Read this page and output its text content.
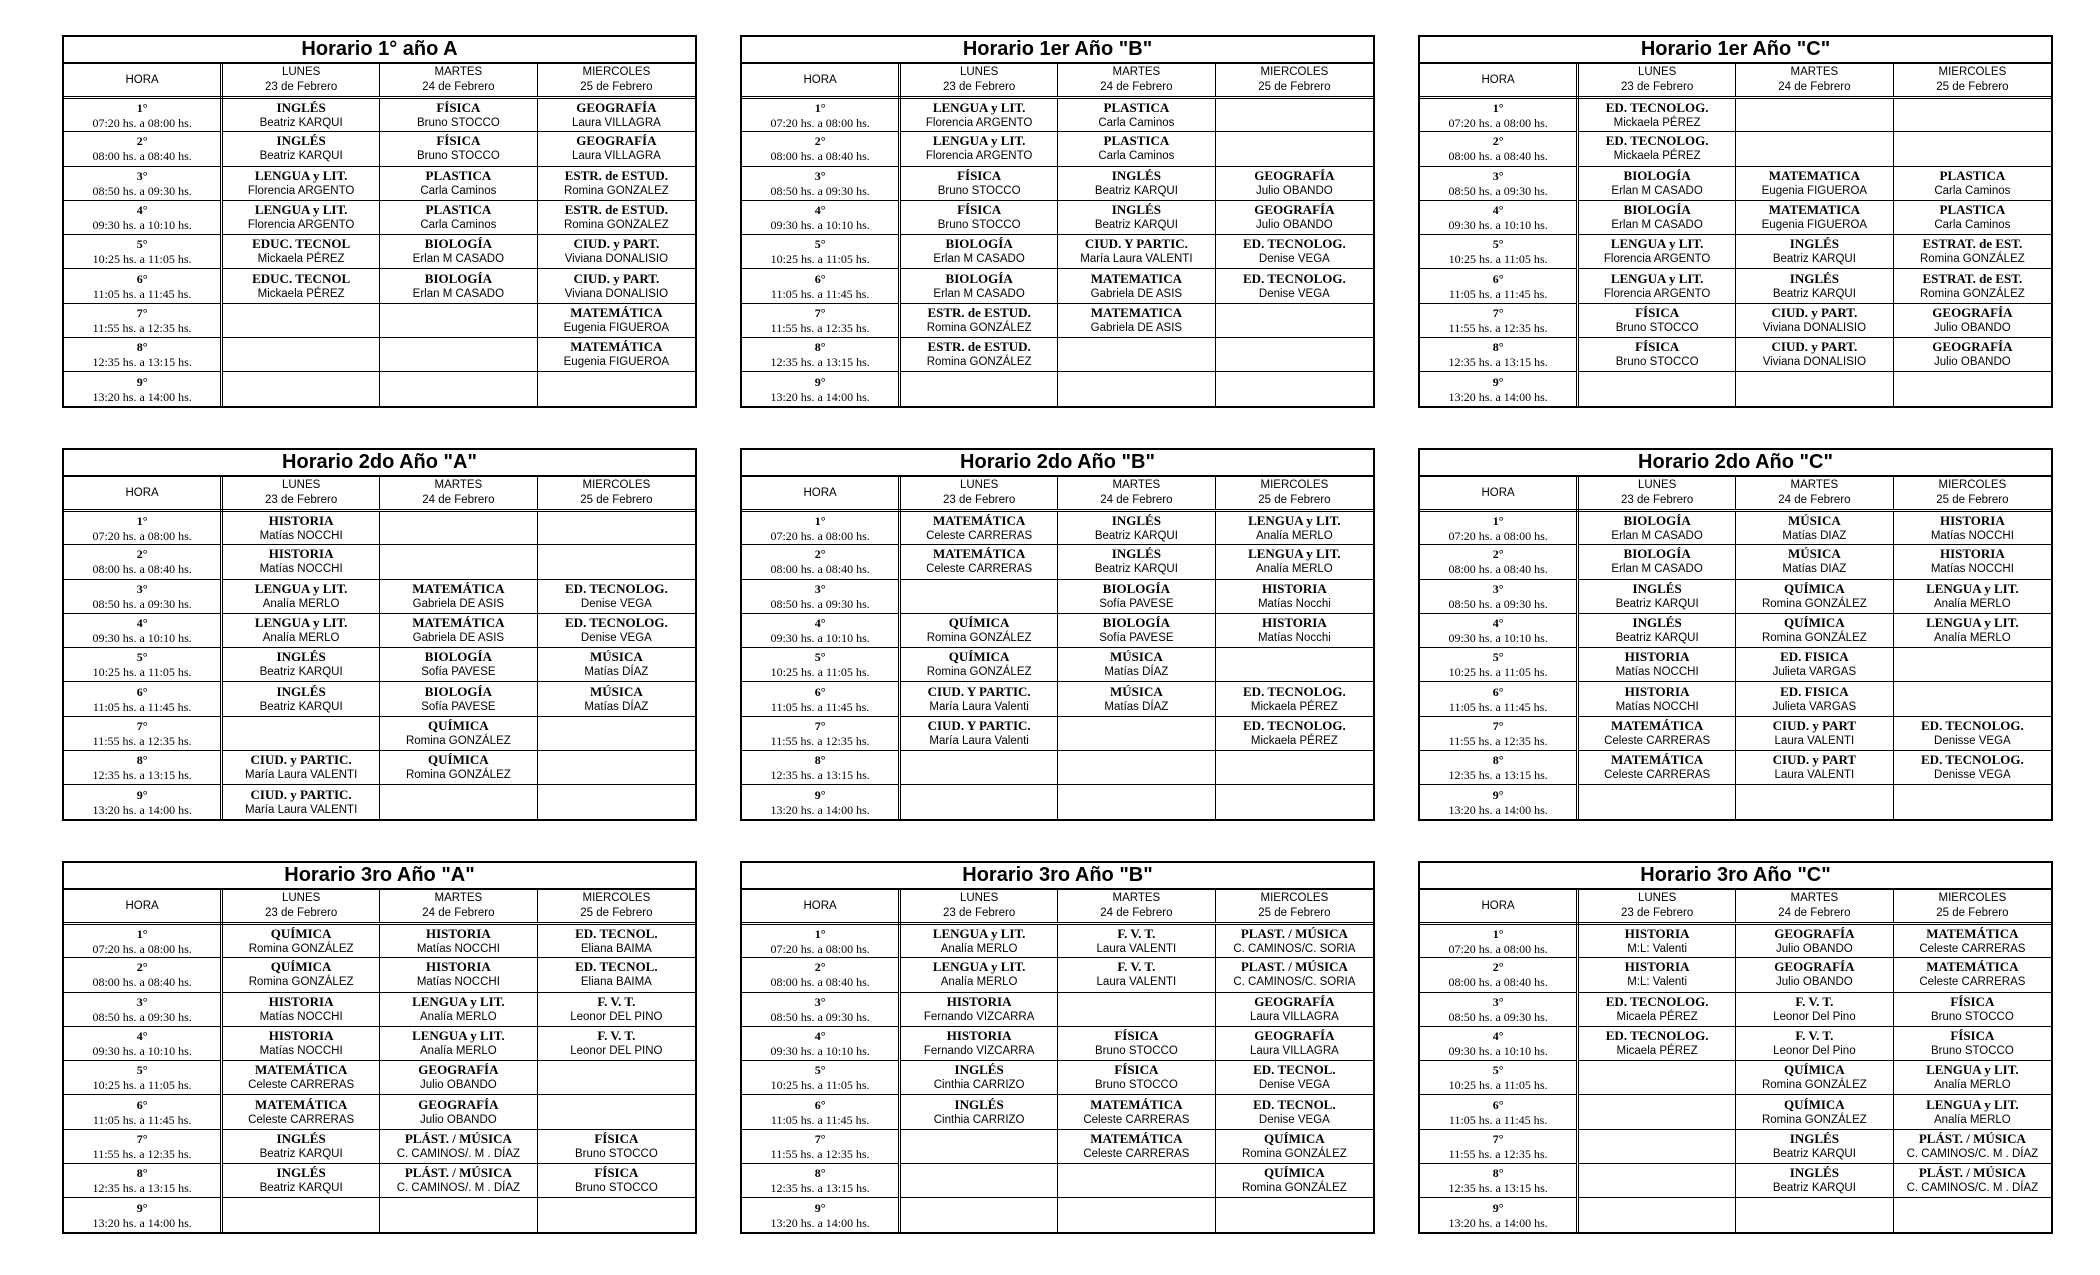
Horario 1° año A
HORA	LUNES
23 de Febrero	MARTES
24 de Febrero	MIERCOLES
25 de Febrero

1°
07:20 hs. a 08:00 hs.	INGLÉS
Beatriz KARQUI	FÍSICA
Bruno STOCCO	GEOGRAFÍA
Laura VILLAGRA

2°
08:00 hs. a 08:40 hs.	INGLÉS
Beatriz KARQUI	FÍSICA
Bruno STOCCO	GEOGRAFÍA
Laura VILLAGRA

3°
08:50 hs. a 09:30 hs.	LENGUA y LIT.
Florencia ARGENTO	PLASTICA
Carla Caminos	ESTR. de ESTUD.
Romina GONZALEZ

4°
09:30 hs. a 10:10 hs.	LENGUA y LIT.
Florencia ARGENTO	PLASTICA
Carla Caminos	ESTR. de ESTUD.
Romina GONZALEZ

5°
10:25 hs. a 11:05 hs.	EDUC. TECNOL
Mickaela PÉREZ	BIOLOGÍA
Erlan M CASADO	CIUD. y PART.
Viviana DONALISIO

6°
11:05 hs. a 11:45 hs.	EDUC. TECNOL
Mickaela PÉREZ	BIOLOGÍA
Erlan M CASADO	CIUD. y PART.
Viviana DONALISIO

7°
11:55 hs. a 12:35 hs.			MATEMÁTICA
Eugenia FIGUEROA

8°
12:35 hs. a 13:15 hs.			MATEMÁTICA
Eugenia FIGUEROA

9°
13:20 hs. a 14:00 hs.			

Horario 1er Año "B"
HORA	LUNES
23 de Febrero	MARTES
24 de Febrero	MIERCOLES
25 de Febrero

1°
07:20 hs. a 08:00 hs.	LENGUA y LIT.
Florencia ARGENTO	PLASTICA
Carla Caminos	

2°
08:00 hs. a 08:40 hs.	LENGUA y LIT.
Florencia ARGENTO	PLASTICA
Carla Caminos	

3°
08:50 hs. a 09:30 hs.	FÍSICA
Bruno STOCCO	INGLÉS
Beatriz KARQUI	GEOGRAFÍA
Julio OBANDO

4°
09:30 hs. a 10:10 hs.	FÍSICA
Bruno STOCCO	INGLÉS
Beatriz KARQUI	GEOGRAFÍA
Julio OBANDO

5°
10:25 hs. a 11:05 hs.	BIOLOGÍA
Erlan M CASADO	CIUD. Y PARTIC.
María Laura VALENTI	ED. TECNOLOG.
Denise VEGA

6°
11:05 hs. a 11:45 hs.	BIOLOGÍA
Erlan M CASADO	MATEMATICA
Gabriela DE ASIS	ED. TECNOLOG.
Denise VEGA

7°
11:55 hs. a 12:35 hs.	ESTR. de ESTUD.
Romina GONZÁLEZ	MATEMATICA
Gabriela DE ASIS	

8°
12:35 hs. a 13:15 hs.	ESTR. de ESTUD.
Romina GONZÁLEZ		

9°
13:20 hs. a 14:00 hs.			

Horario 1er Año "C"
HORA	LUNES
23 de Febrero	MARTES
24 de Febrero	MIERCOLES
25 de Febrero

1°
07:20 hs. a 08:00 hs.	ED. TECNOLOG.
Mickaela PÉREZ		

2°
08:00 hs. a 08:40 hs.	ED. TECNOLOG.
Mickaela PÉREZ		

3°
08:50 hs. a 09:30 hs.	BIOLOGÍA
Erlan M CASADO	MATEMATICA
Eugenia FIGUEROA	PLASTICA
Carla Caminos

4°
09:30 hs. a 10:10 hs.	BIOLOGÍA
Erlan M CASADO	MATEMATICA
Eugenia FIGUEROA	PLASTICA
Carla Caminos

5°
10:25 hs. a 11:05 hs.	LENGUA y LIT.
Florencia ARGENTO	INGLÉS
Beatriz KARQUI	ESTRAT. de EST.
Romina GONZÁLEZ

6°
11:05 hs. a 11:45 hs.	LENGUA y LIT.
Florencia ARGENTO	INGLÉS
Beatriz KARQUI	ESTRAT. de EST.
Romina GONZÁLEZ

7°
11:55 hs. a 12:35 hs.	FÍSICA
Bruno STOCCO	CIUD. y PART.
Viviana DONALISIO	GEOGRAFÍA
Julio OBANDO

8°
12:35 hs. a 13:15 hs.	FÍSICA
Bruno STOCCO	CIUD. y PART.
Viviana DONALISIO	GEOGRAFÍA
Julio OBANDO

9°
13:20 hs. a 14:00 hs.			

Horario 2do Año "A"
HORA	LUNES
23 de Febrero	MARTES
24 de Febrero	MIERCOLES
25 de Febrero

1°
07:20 hs. a 08:00 hs.	HISTORIA
Matías NOCCHI		

2°
08:00 hs. a 08:40 hs.	HISTORIA
Matías NOCCHI		

3°
08:50 hs. a 09:30 hs.	LENGUA y LIT.
Analía MERLO	MATEMÁTICA
Gabriela DE ASIS	ED. TECNOLOG.
Denise VEGA

4°
09:30 hs. a 10:10 hs.	LENGUA y LIT.
Analía MERLO	MATEMÁTICA
Gabriela DE ASIS	ED. TECNOLOG.
Denise VEGA

5°
10:25 hs. a 11:05 hs.	INGLÉS
Beatriz KARQUI	BIOLOGÍA
Sofía PAVESE	MÚSICA
Matías DÍAZ

6°
11:05 hs. a 11:45 hs.	INGLÉS
Beatriz KARQUI	BIOLOGÍA
Sofía PAVESE	MÚSICA
Matías DÍAZ

7°
11:55 hs. a 12:35 hs.		QUÍMICA
Romina GONZÁLEZ	

8°
12:35 hs. a 13:15 hs.	CIUD. y PARTIC.
María Laura VALENTI	QUÍMICA
Romina GONZÁLEZ	

9°
13:20 hs. a 14:00 hs.	CIUD. y PARTIC.
María Laura VALENTI		

Horario 2do Año "B"
HORA	LUNES
23 de Febrero	MARTES
24 de Febrero	MIERCOLES
25 de Febrero

1°
07:20 hs. a 08:00 hs.	MATEMÁTICA
Celeste CARRERAS	INGLÉS
Beatriz KARQUI	LENGUA y LIT.
Analía MERLO

2°
08:00 hs. a 08:40 hs.	MATEMÁTICA
Celeste CARRERAS	INGLÉS
Beatriz KARQUI	LENGUA y LIT.
Analía MERLO

3°
08:50 hs. a 09:30 hs.		BIOLOGÍA
Sofía PAVESE	HISTORIA
Matías Nocchi

4°
09:30 hs. a 10:10 hs.	QUÍMICA
Romina GONZÁLEZ	BIOLOGÍA
Sofía PAVESE	HISTORIA
Matías Nocchi

5°
10:25 hs. a 11:05 hs.	QUÍMICA
Romina GONZÁLEZ	MÚSICA
Matías DÍAZ	

6°
11:05 hs. a 11:45 hs.	CIUD. Y PARTIC.
María Laura Valenti	MÚSICA
Matías DÍAZ	ED. TECNOLOG.
Mickaela PÉREZ

7°
11:55 hs. a 12:35 hs.	CIUD. Y PARTIC.
María Laura Valenti		ED. TECNOLOG.
Mickaela PÉREZ

8°
12:35 hs. a 13:15 hs.			

9°
13:20 hs. a 14:00 hs.			

Horario 2do Año "C"
HORA	LUNES
23 de Febrero	MARTES
24 de Febrero	MIERCOLES
25 de Febrero

1°
07:20 hs. a 08:00 hs.	BIOLOGÍA
Erlan M CASADO	MÚSICA
Matías DIAZ	HISTORIA
Matías NOCCHI

2°
08:00 hs. a 08:40 hs.	BIOLOGÍA
Erlan M CASADO	MÚSICA
Matías DIAZ	HISTORIA
Matías NOCCHI

3°
08:50 hs. a 09:30 hs.	INGLÉS
Beatriz KARQUI	QUÍMICA
Romina GONZÁLEZ	LENGUA y LIT.
Analía MERLO

4°
09:30 hs. a 10:10 hs.	INGLÉS
Beatriz KARQUI	QUÍMICA
Romina GONZÁLEZ	LENGUA y LIT.
Analía MERLO

5°
10:25 hs. a 11:05 hs.	HISTORIA
Matías NOCCHI	ED. FISICA
Julieta VARGAS	

6°
11:05 hs. a 11:45 hs.	HISTORIA
Matías NOCCHI	ED. FISICA
Julieta VARGAS	

7°
11:55 hs. a 12:35 hs.	MATEMÁTICA
Celeste CARRERAS	CIUD. y PART
Laura VALENTI	ED. TECNOLOG.
Denisse VEGA

8°
12:35 hs. a 13:15 hs.	MATEMÁTICA
Celeste CARRERAS	CIUD. y PART
Laura VALENTI	ED. TECNOLOG.
Denisse VEGA

9°
13:20 hs. a 14:00 hs.			

Horario 3ro Año "A"
HORA	LUNES
23 de Febrero	MARTES
24 de Febrero	MIERCOLES
25 de Febrero

1°
07:20 hs. a 08:00 hs.	QUÍMICA
Romina GONZÁLEZ	HISTORIA
Matías NOCCHI	ED. TECNOL.
Eliana BAIMA

2°
08:00 hs. a 08:40 hs.	QUÍMICA
Romina GONZÁLEZ	HISTORIA
Matías NOCCHI	ED. TECNOL.
Eliana BAIMA

3°
08:50 hs. a 09:30 hs.	HISTORIA
Matías NOCCHI	LENGUA y LIT.
Analía MERLO	F. V. T.
Leonor DEL PINO

4°
09:30 hs. a 10:10 hs.	HISTORIA
Matías NOCCHI	LENGUA y LIT.
Analía MERLO	F. V. T.
Leonor DEL PINO

5°
10:25 hs. a 11:05 hs.	MATEMÁTICA
Celeste CARRERAS	GEOGRAFÍA
Julio OBANDO	

6°
11:05 hs. a 11:45 hs.	MATEMÁTICA
Celeste CARRERAS	GEOGRAFÍA
Julio OBANDO	

7°
11:55 hs. a 12:35 hs.	INGLÉS
Beatriz KARQUI	PLÁST. / MÚSICA
C. CAMINOS/. M . DÍAZ	FÍSICA
Bruno STOCCO

8°
12:35 hs. a 13:15 hs.	INGLÉS
Beatriz KARQUI	PLÁST. / MÚSICA
C. CAMINOS/. M . DÍAZ	FÍSICA
Bruno STOCCO

9°
13:20 hs. a 14:00 hs.			

Horario 3ro Año "B"
HORA	LUNES
23 de Febrero	MARTES
24 de Febrero	MIERCOLES
25 de Febrero

1°
07:20 hs. a 08:00 hs.	LENGUA y LIT.
Analía MERLO	F. V. T.
Laura VALENTI	PLAST. / MÚSICA
C. CAMINOS/C. SORIA

2°
08:00 hs. a 08:40 hs.	LENGUA y LIT.
Analía MERLO	F. V. T.
Laura VALENTI	PLAST. / MÚSICA
C. CAMINOS/C. SORIA

3°
08:50 hs. a 09:30 hs.	HISTORIA
Fernando VIZCARRA		GEOGRAFÍA
Laura VILLAGRA

4°
09:30 hs. a 10:10 hs.	HISTORIA
Fernando VIZCARRA	FÍSICA
Bruno STOCCO	GEOGRAFÍA
Laura VILLAGRA

5°
10:25 hs. a 11:05 hs.	INGLÉS
Cinthia CARRIZO	FÍSICA
Bruno STOCCO	ED. TECNOL.
Denise VEGA

6°
11:05 hs. a 11:45 hs.	INGLÉS
Cinthia CARRIZO	MATEMÁTICA
Celeste CARRERAS	ED. TECNOL.
Denise VEGA

7°
11:55 hs. a 12:35 hs.		MATEMÁTICA
Celeste CARRERAS	QUÍMICA
Romina GONZÁLEZ

8°
12:35 hs. a 13:15 hs.			QUÍMICA
Romina GONZÁLEZ

9°
13:20 hs. a 14:00 hs.			

Horario 3ro Año "C"
HORA	LUNES
23 de Febrero	MARTES
24 de Febrero	MIERCOLES
25 de Febrero

1°
07:20 hs. a 08:00 hs.	HISTORIA
M:L: Valenti	GEOGRAFÍA
Julio OBANDO	MATEMÁTICA
Celeste CARRERAS

2°
08:00 hs. a 08:40 hs.	HISTORIA
M:L: Valenti	GEOGRAFÍA
Julio OBANDO	MATEMÁTICA
Celeste CARRERAS

3°
08:50 hs. a 09:30 hs.	ED. TECNOLOG.
Micaela PÉREZ	F. V. T.
Leonor Del Pino	FÍSICA
Bruno STOCCO

4°
09:30 hs. a 10:10 hs.	ED. TECNOLOG.
Micaela PÉREZ	F. V. T.
Leonor Del Pino	FÍSICA
Bruno STOCCO

5°
10:25 hs. a 11:05 hs.		QUÍMICA
Romina GONZÁLEZ	LENGUA y LIT.
Analía MERLO

6°
11:05 hs. a 11:45 hs.		QUÍMICA
Romina GONZÁLEZ	LENGUA y LIT.
Analía MERLO

7°
11:55 hs. a 12:35 hs.		INGLÉS
Beatriz KARQUI	PLÁST. / MÚSICA
C. CAMINOS/C. M . DÍAZ

8°
12:35 hs. a 13:15 hs.		INGLÉS
Beatriz KARQUI	PLÁST. / MÚSICA
C. CAMINOS/C. M . DÍAZ

9°
13:20 hs. a 14:00 hs.			
